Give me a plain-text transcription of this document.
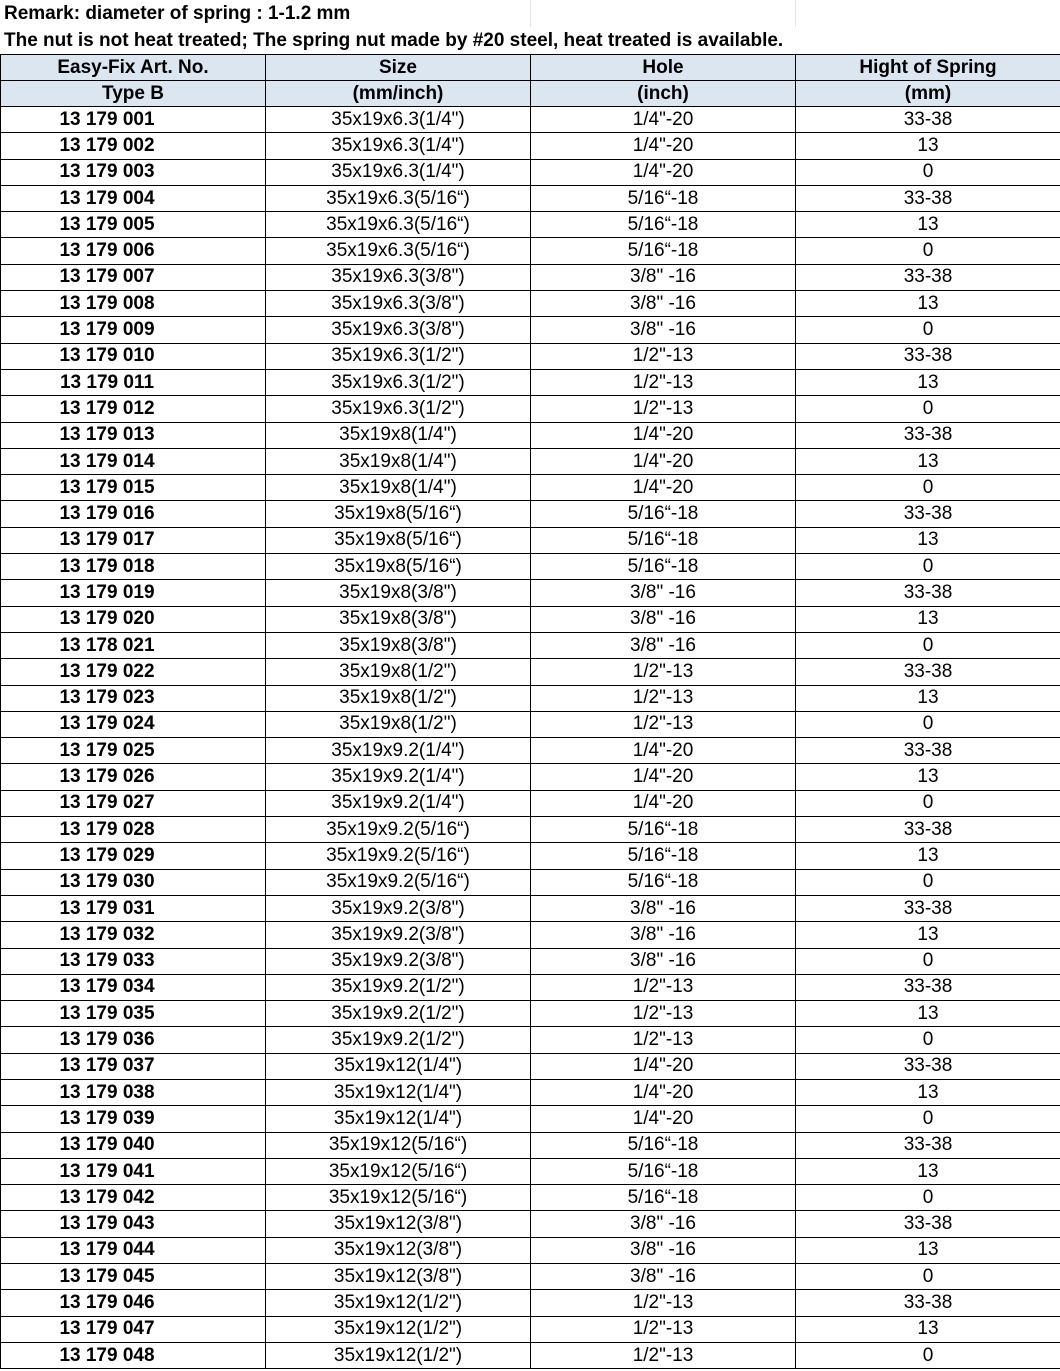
Remark: diameter of spring : 1-1.2 mm
The nut is not heat treated; The spring nut made by #20 steel, heat treated is available.
Easy-Fix Art. No.	Size	Hole	Hight of Spring
Type B	(mm/inch)	(inch)	(mm)
13 179 001	35x19x6.3(1/4")	1/4"-20	33-38
13 179 002	35x19x6.3(1/4")	1/4"-20	13
13 179 003	35x19x6.3(1/4")	1/4"-20	0
13 179 004	35x19x6.3(5/16“)	5/16“-18	33-38
13 179 005	35x19x6.3(5/16“)	5/16“-18	13
13 179 006	35x19x6.3(5/16“)	5/16“-18	0
13 179 007	35x19x6.3(3/8")	3/8" -16	33-38
13 179 008	35x19x6.3(3/8")	3/8" -16	13
13 179 009	35x19x6.3(3/8")	3/8" -16	0
13 179 010	35x19x6.3(1/2")	1/2"-13	33-38
13 179 011	35x19x6.3(1/2")	1/2"-13	13
13 179 012	35x19x6.3(1/2")	1/2"-13	0
13 179 013	35x19x8(1/4")	1/4"-20	33-38
13 179 014	35x19x8(1/4")	1/4"-20	13
13 179 015	35x19x8(1/4")	1/4"-20	0
13 179 016	35x19x8(5/16“)	5/16“-18	33-38
13 179 017	35x19x8(5/16“)	5/16“-18	13
13 179 018	35x19x8(5/16“)	5/16“-18	0
13 179 019	35x19x8(3/8")	3/8" -16	33-38
13 179 020	35x19x8(3/8")	3/8" -16	13
13 178 021	35x19x8(3/8")	3/8" -16	0
13 179 022	35x19x8(1/2")	1/2"-13	33-38
13 179 023	35x19x8(1/2")	1/2"-13	13
13 179 024	35x19x8(1/2")	1/2"-13	0
13 179 025	35x19x9.2(1/4")	1/4"-20	33-38
13 179 026	35x19x9.2(1/4")	1/4"-20	13
13 179 027	35x19x9.2(1/4")	1/4"-20	0
13 179 028	35x19x9.2(5/16“)	5/16“-18	33-38
13 179 029	35x19x9.2(5/16“)	5/16“-18	13
13 179 030	35x19x9.2(5/16“)	5/16“-18	0
13 179 031	35x19x9.2(3/8")	3/8" -16	33-38
13 179 032	35x19x9.2(3/8")	3/8" -16	13
13 179 033	35x19x9.2(3/8")	3/8" -16	0
13 179 034	35x19x9.2(1/2")	1/2"-13	33-38
13 179 035	35x19x9.2(1/2")	1/2"-13	13
13 179 036	35x19x9.2(1/2")	1/2"-13	0
13 179 037	35x19x12(1/4")	1/4"-20	33-38
13 179 038	35x19x12(1/4")	1/4"-20	13
13 179 039	35x19x12(1/4")	1/4"-20	0
13 179 040	35x19x12(5/16“)	5/16“-18	33-38
13 179 041	35x19x12(5/16“)	5/16“-18	13
13 179 042	35x19x12(5/16“)	5/16“-18	0
13 179 043	35x19x12(3/8")	3/8" -16	33-38
13 179 044	35x19x12(3/8")	3/8" -16	13
13 179 045	35x19x12(3/8")	3/8" -16	0
13 179 046	35x19x12(1/2")	1/2"-13	33-38
13 179 047	35x19x12(1/2")	1/2"-13	13
13 179 048	35x19x12(1/2")	1/2"-13	0
